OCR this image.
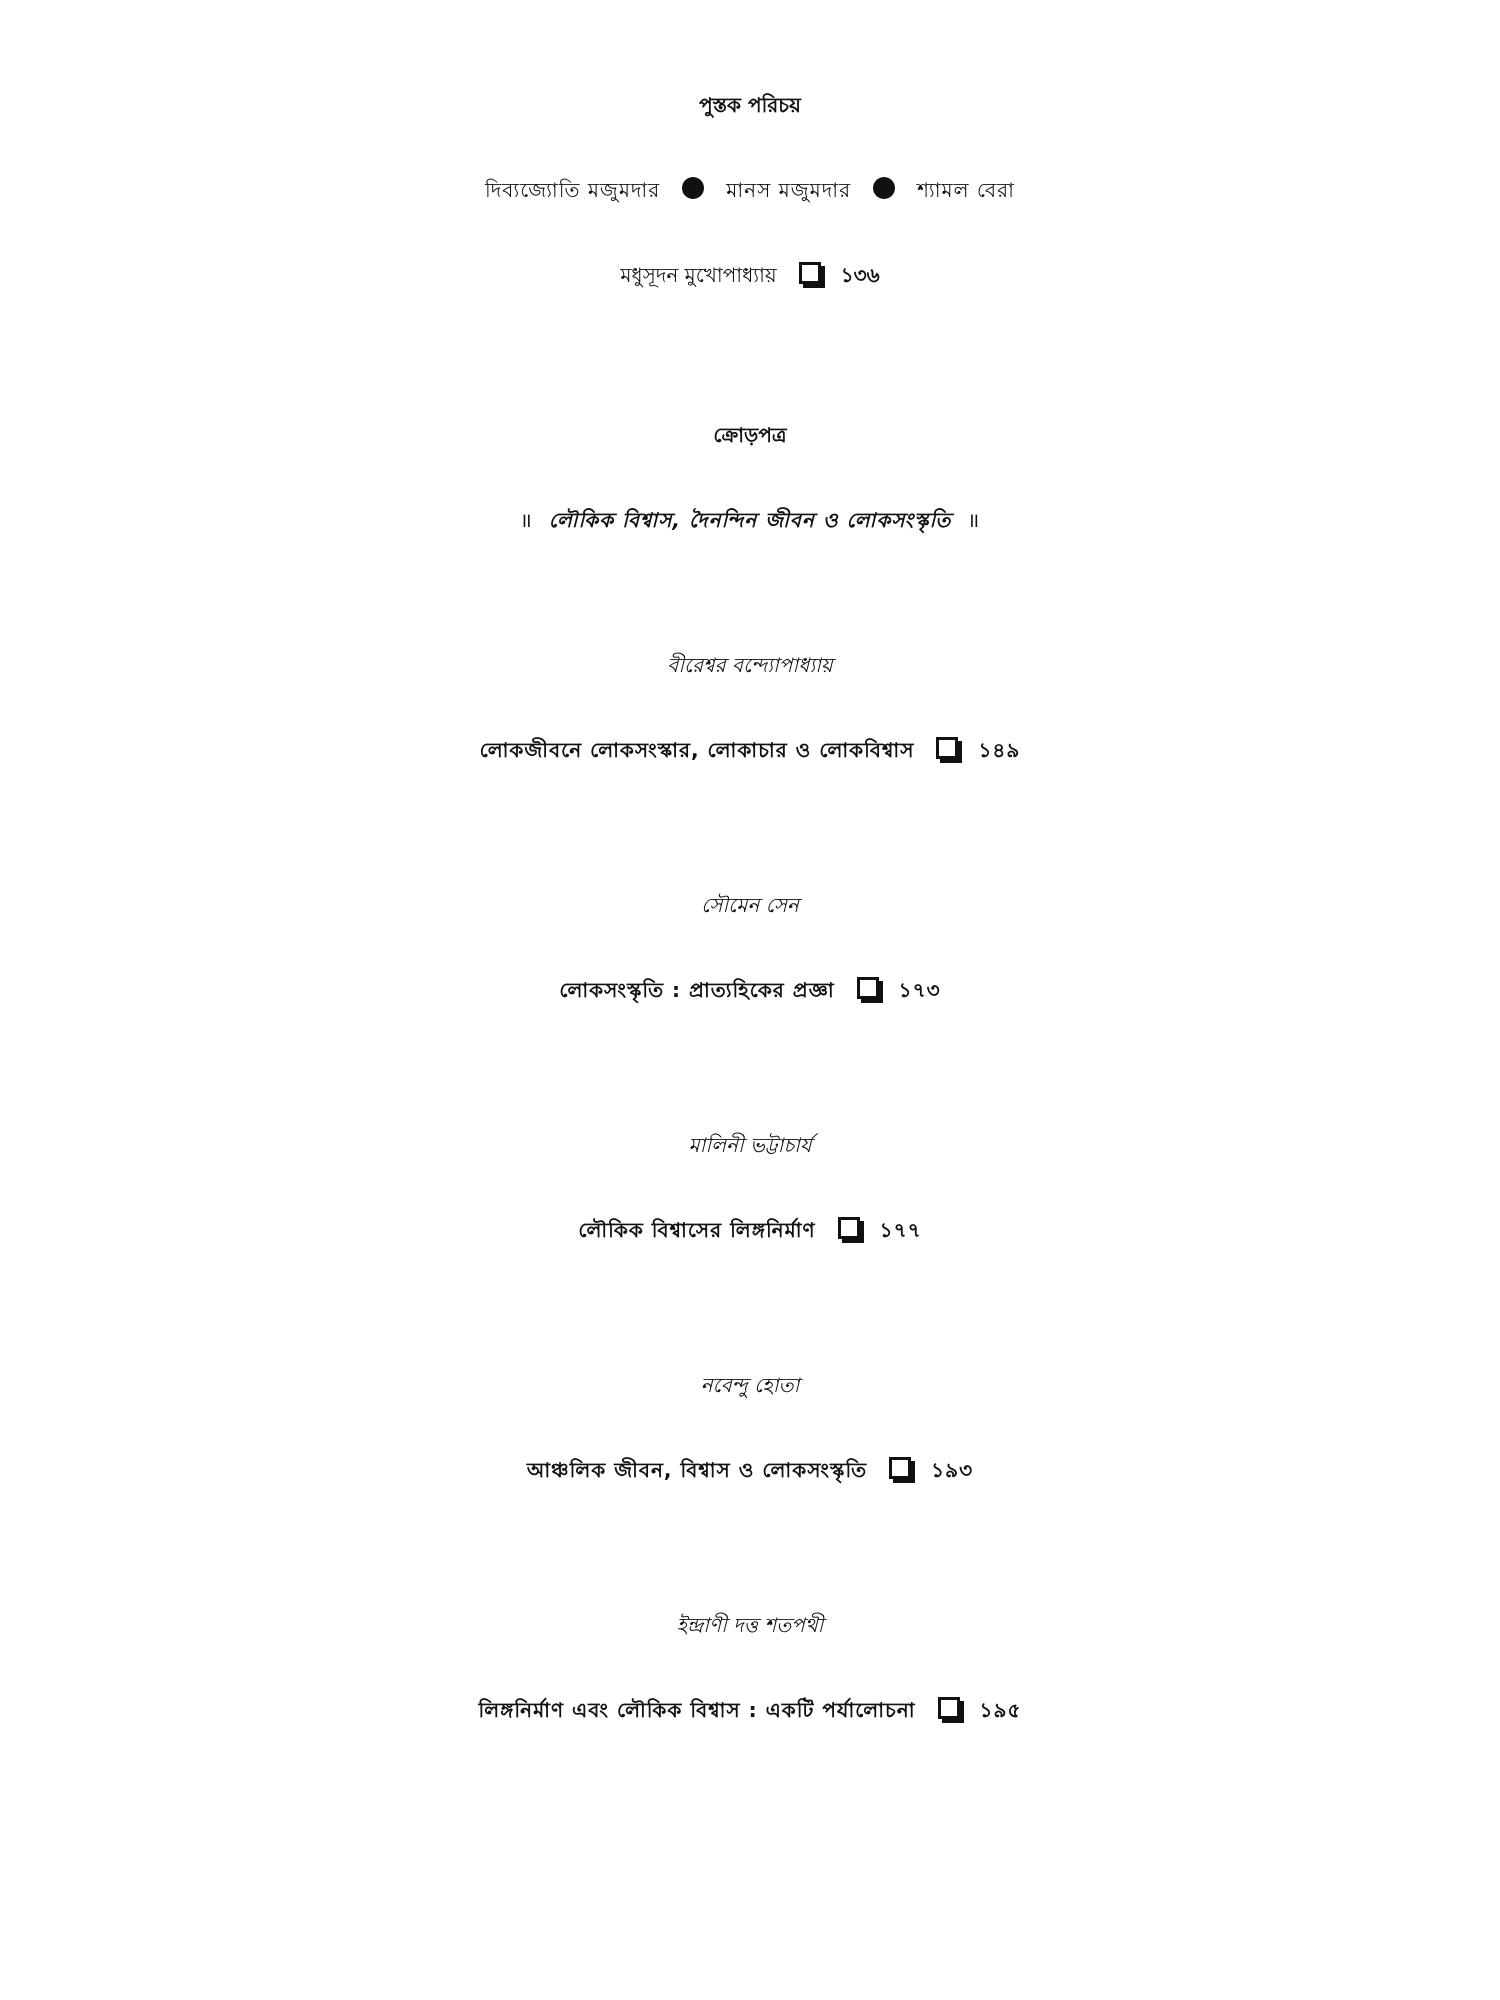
পুস্তক পরিচয়
দিব্যজ্যোতি মজুমদার	মানস মজুমদার	শ্যামল বেরা
মধুসূদন মুখোপাধ্যায়	১৩৬
ক্রোড়পত্র
॥ লৌকিক বিশ্বাস, দৈনন্দিন জীবন ও লোকসংস্কৃতি ॥
বীরেশ্বর বন্দ্যোপাধ্যায়
লোকজীবনে লোকসংস্কার, লোকাচার ও লোকবিশ্বাস	১৪৯
সৌমেন সেন
লোকসংস্কৃতি : প্রাত্যহিকের প্রজ্ঞা	১৭৩
মালিনী ভট্টাচার্য
লৌকিক বিশ্বাসের লিঙ্গনির্মাণ	১৭৭
নবেন্দু হোতা
আঞ্চলিক জীবন, বিশ্বাস ও লোকসংস্কৃতি	১৯৩
ইন্দ্রাণী দত্ত শতপথী
লিঙ্গনির্মাণ এবং লৌকিক বিশ্বাস : একটি পর্যালোচনা	১৯৫
